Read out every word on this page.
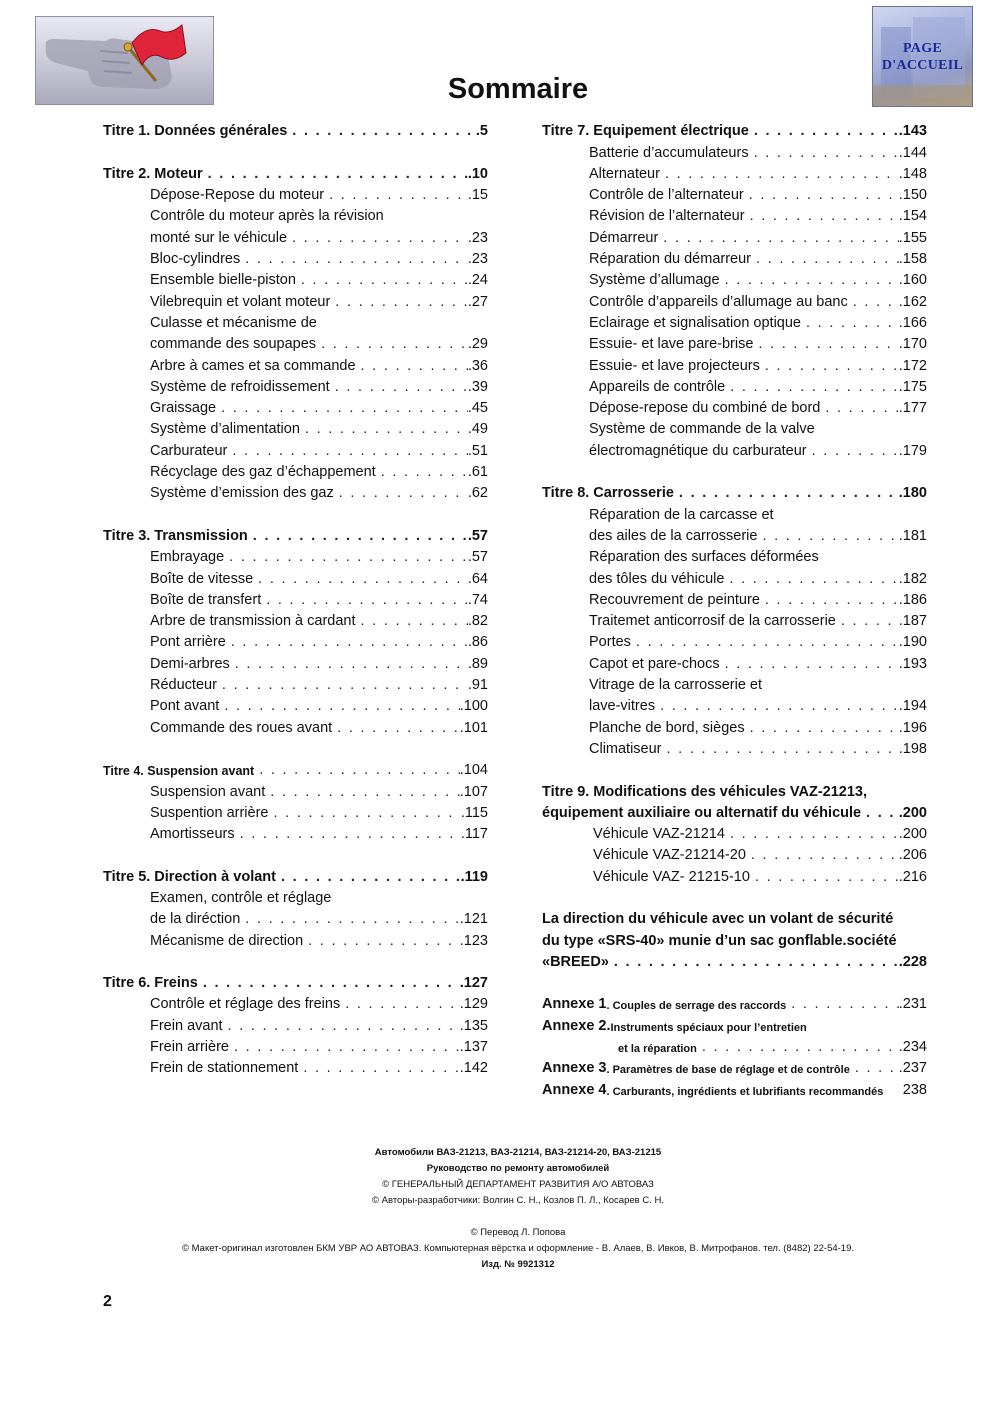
PAGE
D'ACCUEIL
Sommaire
Titre 1. Données générales . . .	.5
Titre 2. Moteur . . .	.10
Dépose-Repose du moteur . . .	.15
Contrôle du moteur après la révision
monté sur le véhicule . . .	.23
Bloc-cylindres . . .	.23
Ensemble bielle-piston . . .	.24
Vilebrequin et volant moteur . . .	.27
Culasse et mécanisme de
commande des soupapes . . .	.29
Arbre à cames et sa commande . . .	.36
Système de refroidissement . . .	.39
Graissage . . .	.45
Système d’alimentation . . .	.49
Carburateur . . .	.51
Récyclage des gaz d’échappement . . .	.61
Système d’emission des gaz . . .	.62
Titre 3. Transmission . . .	.57
Embrayage . . .	.57
Boîte de vitesse . . .	.64
Boîte de transfert . . .	.74
Arbre de transmission à cardant . . .	.82
Pont arrière . . .	.86
Demi-arbres . . .	.89
Réducteur . . .	.91
Pont avant . . .	.100
Commande des roues avant . . .	.101
Titre 4. Suspension avant . . .	.104
Suspension avant . . .	.107
Suspention arrière . . .	.115
Amortisseurs . . .	.117
Titre 5. Direction à volant . . .	.119
Examen, contrôle et réglage
de la diréction . . .	.121
Mécanisme de direction . . .	.123
Titre 6. Freins . . .	.127
Contrôle et réglage des freins . . .	.129
Frein avant . . .	.135
Frein arrière . . .	.137
Frein de stationnement . . .	.142
Titre 7. Equipement électrique . . .	.143
Batterie d’accumulateurs . . .	.144
Alternateur . . .	.148
Contrôle de l’alternateur . . .	.150
Révision de l’alternateur . . .	.154
Démarreur . . .	.155
Réparation du démarreur . . .	.158
Système d’allumage . . .	.160
Contrôle d’appareils d’allumage au banc . . .	.162
Eclairage et signalisation optique . . .	.166
Essuie- et lave pare-brise . . .	.170
Essuie- et lave projecteurs . . .	.172
Appareils de contrôle . . .	.175
Dépose-repose du combiné de bord . . .	.177
Système de commande de la valve
électromagnétique du carburateur . . .	.179
Titre 8. Carrosserie . . .	.180
Réparation de la carcasse et
des ailes de la carrosserie . . .	.181
Réparation des surfaces déformées
des tôles du véhicule . . .	.182
Recouvrement de peinture . . .	.186
Traitemet anticorrosif de la carrosserie . . .	.187
Portes . . .	.190
Capot et pare-chocs . . .	.193
Vitrage de la carrosserie et
lave-vitres . . .	.194
Planche de bord, sièges . . .	.196
Climatiseur . . .	.198
Titre 9. Modifications des véhicules VAZ-21213,
équipement auxiliaire ou alternatif du véhicule . . .	.200
Véhicule VAZ-21214 . . .	.200
Véhicule VAZ-21214-20 . . .	.206
Véhicule VAZ- 21215-10 . . .	.216
La direction du véhicule avec un volant de sécurité
du type «SRS-40» munie d’un sac gonflable.société
«BREED» . . .	.228
Annexe 1 . Couples de serrage des raccords . . .	.231
Annexe 2. Instruments spéciaux pour l’entretien
et la réparation . . .	.234
Annexe 3 . Paramètres de base de réglage et de contrôle . . .	.237
Annexe 4 . Carburants, ingrédients et lubrifiants recommandés 238
Автомобили ВАЗ-21213, ВАЗ-21214, ВАЗ-21214-20, ВАЗ-21215
Руководство по ремонту автомобилей
© ГЕНЕРАЛЬНЫЙ ДЕПАРТАМЕНТ РАЗВИТИЯ А/О АВТОВАЗ
© Авторы-разработчики: Волгин С. Н., Козлов П. Л., Косарев С. Н.
© Перевод Л. Попова
© Макет-оригинал изготовлен БКМ УВР АО АВТОВАЗ. Компьютерная вёрстка и оформление - В. Алаев, В. Ивков, В. Митрофанов. тел. (8482) 22-54-19.
Изд. № 9921312
2
